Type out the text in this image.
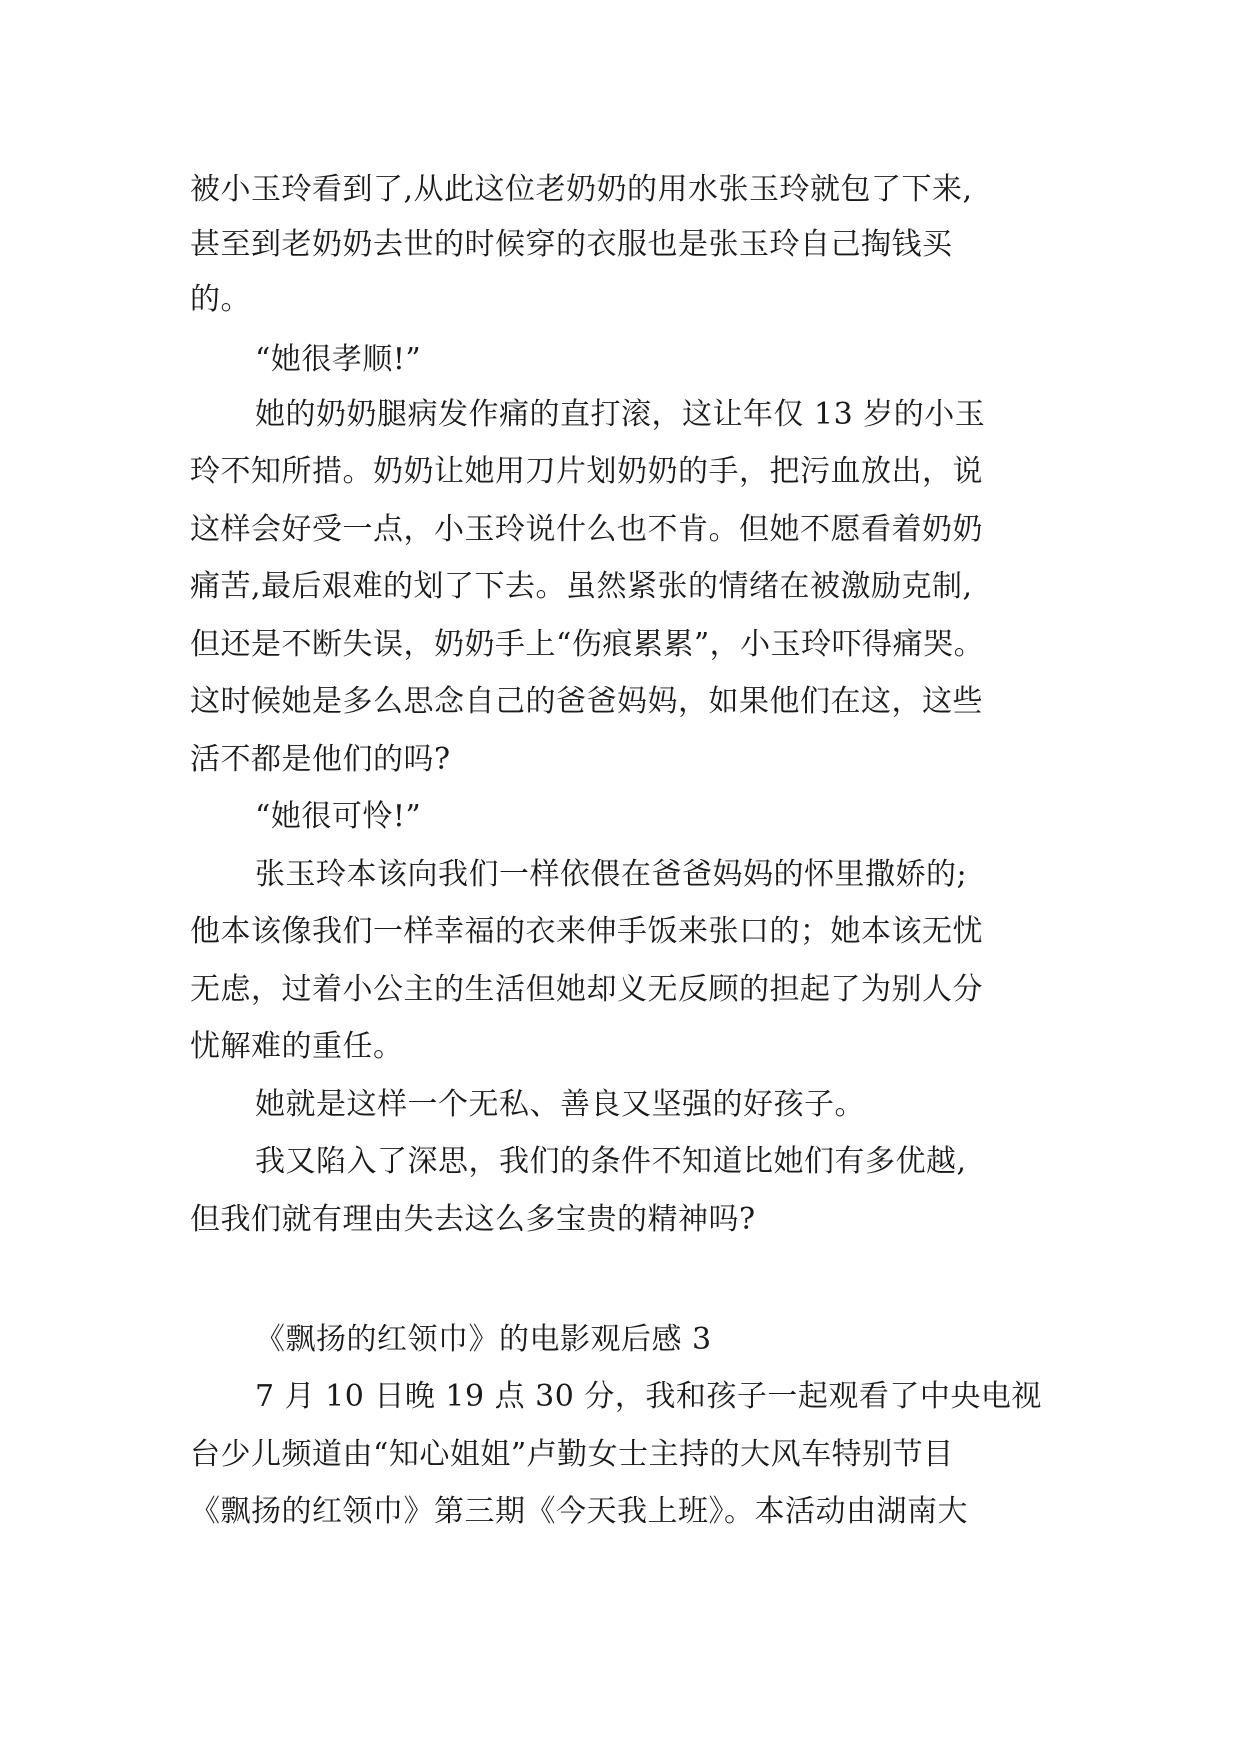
被小玉玲看到了,从此这位老奶奶的用水张玉玲就包了下来,
甚至到老奶奶去世的时候穿的衣服也是张玉玲自己掏钱买
的。
“她很孝顺!”
她的奶奶腿病发作痛的直打滚，这让年仅 13 岁的小玉
玲不知所措。奶奶让她用刀片划奶奶的手，把污血放出，说
这样会好受一点，小玉玲说什么也不肯。但她不愿看着奶奶
痛苦,最后艰难的划了下去。虽然紧张的情绪在被激励克制,
但还是不断失误，奶奶手上“伤痕累累”，小玉玲吓得痛哭。
这时候她是多么思念自己的爸爸妈妈，如果他们在这，这些
活不都是他们的吗?
“她很可怜!”
张玉玲本该向我们一样依偎在爸爸妈妈的怀里撒娇的;
他本该像我们一样幸福的衣来伸手饭来张口的；她本该无忧
无虑，过着小公主的生活但她却义无反顾的担起了为别人分
忧解难的重任。
她就是这样一个无私、善良又坚强的好孩子。
我又陷入了深思，我们的条件不知道比她们有多优越,
但我们就有理由失去这么多宝贵的精神吗?
《飘扬的红领巾》的电影观后感 3
7 月 10 日晚 19 点 30 分，我和孩子一起观看了中央电视
台少儿频道由“知心姐姐”卢勤女士主持的大风车特别节目
《飘扬的红领巾》第三期《今天我上班》。本活动由湖南大
